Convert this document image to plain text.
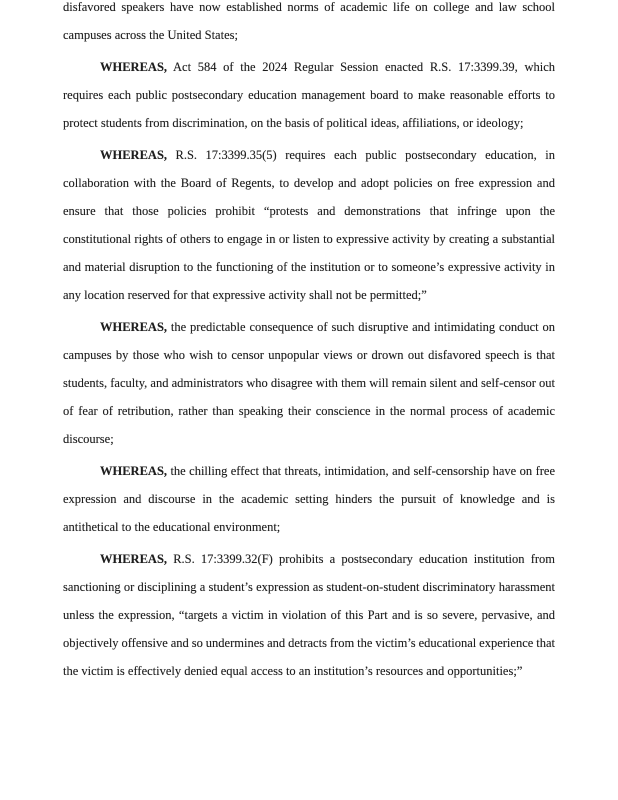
disfavored speakers have now established norms of academic life on college and law school
campuses across the United States;
WHEREAS, Act 584 of the 2024 Regular Session enacted R.S. 17:3399.39, which
requires each public postsecondary education management board to make reasonable efforts to
protect students from discrimination, on the basis of political ideas, affiliations, or ideology;
WHEREAS, R.S. 17:3399.35(5) requires each public postsecondary education, in
collaboration with the Board of Regents, to develop and adopt policies on free expression and
ensure that those policies prohibit “protests and demonstrations that infringe upon the
constitutional rights of others to engage in or listen to expressive activity by creating a substantial
and material disruption to the functioning of the institution or to someone’s expressive activity in
any location reserved for that expressive activity shall not be permitted;”
WHEREAS, the predictable consequence of such disruptive and intimidating conduct on
campuses by those who wish to censor unpopular views or drown out disfavored speech is that
students, faculty, and administrators who disagree with them will remain silent and self-censor out
of fear of retribution, rather than speaking their conscience in the normal process of academic
discourse;
WHEREAS, the chilling effect that threats, intimidation, and self-censorship have on free
expression and discourse in the academic setting hinders the pursuit of knowledge and is
antithetical to the educational environment;
WHEREAS, R.S. 17:3399.32(F) prohibits a postsecondary education institution from
sanctioning or disciplining a student’s expression as student-on-student discriminatory harassment
unless the expression, “targets a victim in violation of this Part and is so severe, pervasive, and
objectively offensive and so undermines and detracts from the victim’s educational experience that
the victim is effectively denied equal access to an institution’s resources and opportunities;”
